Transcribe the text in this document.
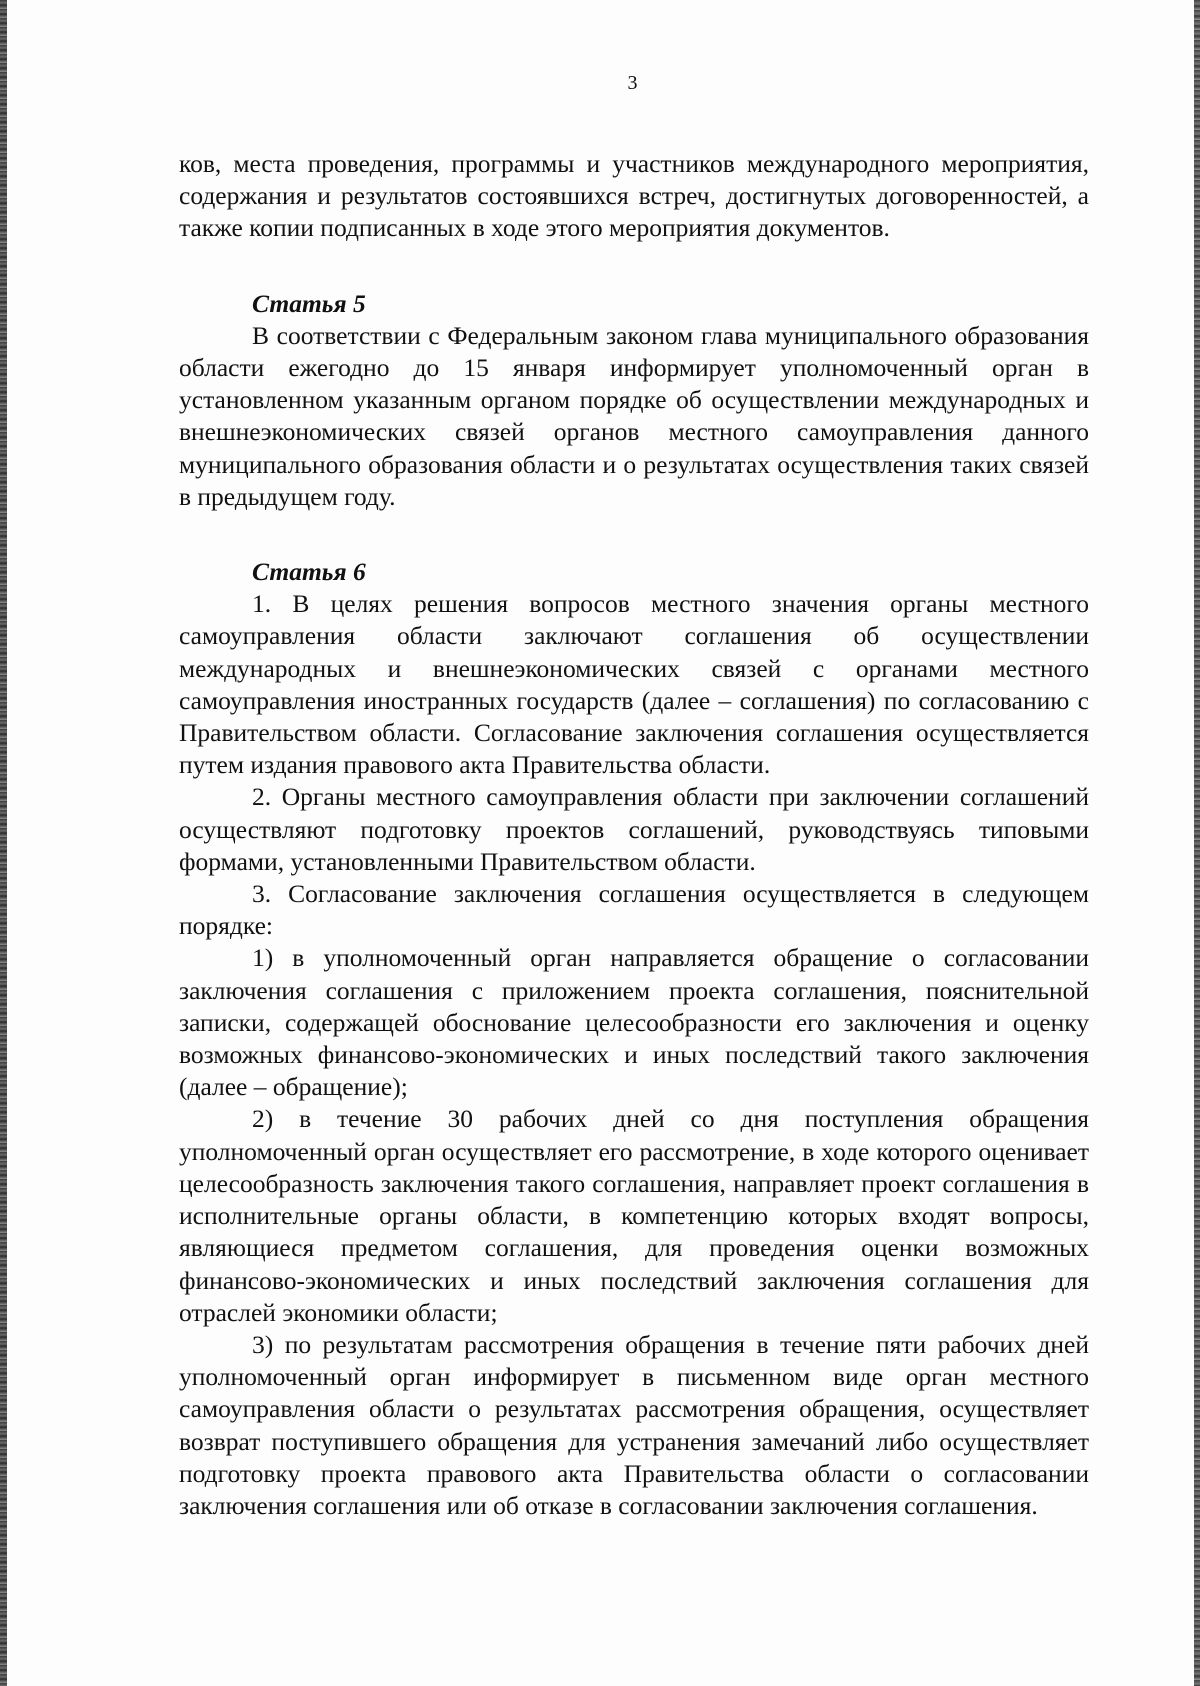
3

ков, места проведения, программы и участников международного мероприятия, содержания и результатов состоявшихся встреч, достигнутых договоренностей, а также копии подписанных в ходе этого мероприятия документов.

Статья 5

В соответствии с Федеральным законом глава муниципального образования области ежегодно до 15 января информирует уполномоченный орган в установленном указанным органом порядке об осуществлении международных и внешнеэкономических связей органов местного самоуправления данного муниципального образования области и о результатах осуществления таких связей в предыдущем году.

Статья 6

1. В целях решения вопросов местного значения органы местного самоуправления области заключают соглашения об осуществлении международных и внешнеэкономических связей с органами местного самоуправления иностранных государств (далее – соглашения) по согласованию с Правительством области. Согласование заключения соглашения осуществляется путем издания правового акта Правительства области.

2. Органы местного самоуправления области при заключении соглашений осуществляют подготовку проектов соглашений, руководствуясь типовыми формами, установленными Правительством области.

3. Согласование заключения соглашения осуществляется в следующем порядке:

1) в уполномоченный орган направляется обращение о согласовании заключения соглашения с приложением проекта соглашения, пояснительной записки, содержащей обоснование целесообразности его заключения и оценку возможных финансово-экономических и иных последствий такого заключения (далее – обращение);

2) в течение 30 рабочих дней со дня поступления обращения уполномоченный орган осуществляет его рассмотрение, в ходе которого оценивает целесообразность заключения такого соглашения, направляет проект соглашения в исполнительные органы области, в компетенцию которых входят вопросы, являющиеся предметом соглашения, для проведения оценки возможных финансово-экономических и иных последствий заключения соглашения для отраслей экономики области;

3) по результатам рассмотрения обращения в течение пяти рабочих дней уполномоченный орган информирует в письменном виде орган местного самоуправления области о результатах рассмотрения обращения, осуществляет возврат поступившего обращения для устранения замечаний либо осуществляет подготовку проекта правового акта Правительства области о согласовании заключения соглашения или об отказе в согласовании заключения соглашения.
